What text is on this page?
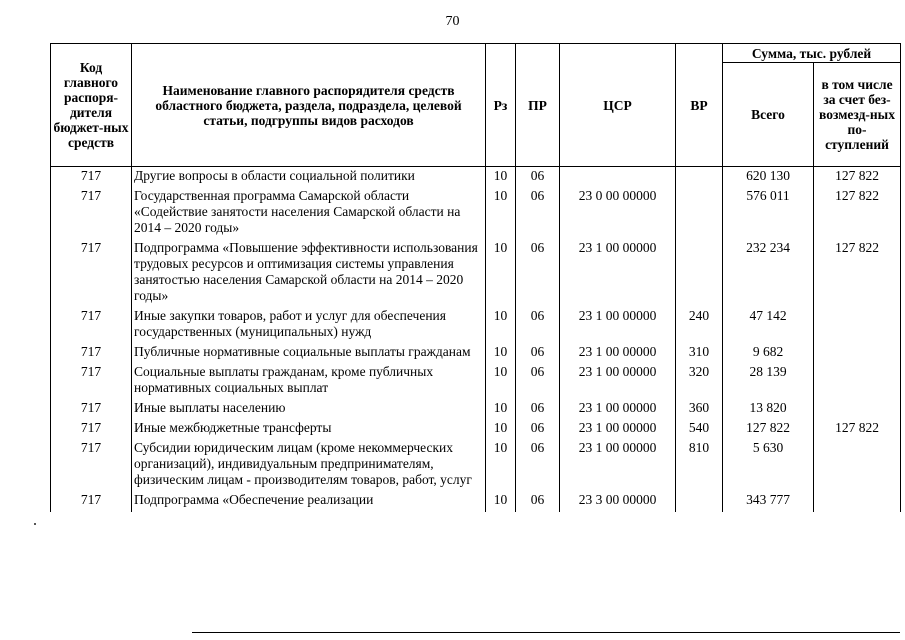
70
Код главного распоря-дителя бюджет-ных средств	Наименование главного распорядителя средств областного бюджета, раздела, подраздела, целевой статьи, подгруппы видов расходов	Рз	ПР	ЦСР	ВР	Сумма, тыс. рублей	
						Всего	в том числе за счет без-возмезд-ных по-ступлений
717	Другие вопросы в области социальной политики	10	06			620 130	127 822
717	Государственная программа Самарской области «Содействие занятости населения Самарской области на 2014 – 2020 годы»	10	06	23 0 00 00000		576 011	127 822
717	Подпрограмма «Повышение эффективности использования трудовых ресурсов и оптимизация системы управления занятостью населения Самарской области на 2014 – 2020 годы»	10	06	23 1 00 00000		232 234	127 822
717	Иные закупки товаров, работ и услуг для обеспечения государственных (муниципальных) нужд	10	06	23 1 00 00000	240	47 142	
717	Публичные нормативные социальные выплаты гражданам	10	06	23 1 00 00000	310	9 682	
717	Социальные выплаты гражданам, кроме публичных нормативных социальных выплат	10	06	23 1 00 00000	320	28 139	
717	Иные выплаты населению	10	06	23 1 00 00000	360	13 820	
717	Иные межбюджетные трансферты	10	06	23 1 00 00000	540	127 822	127 822
717	Субсидии юридическим лицам (кроме некоммерческих организаций), индивидуальным предпринимателям, физическим лицам - производителям товаров, работ, услуг	10	06	23 1 00 00000	810	5 630	
717	Подпрограмма «Обеспечение реализации	10	06	23 3 00 00000		343 777	
